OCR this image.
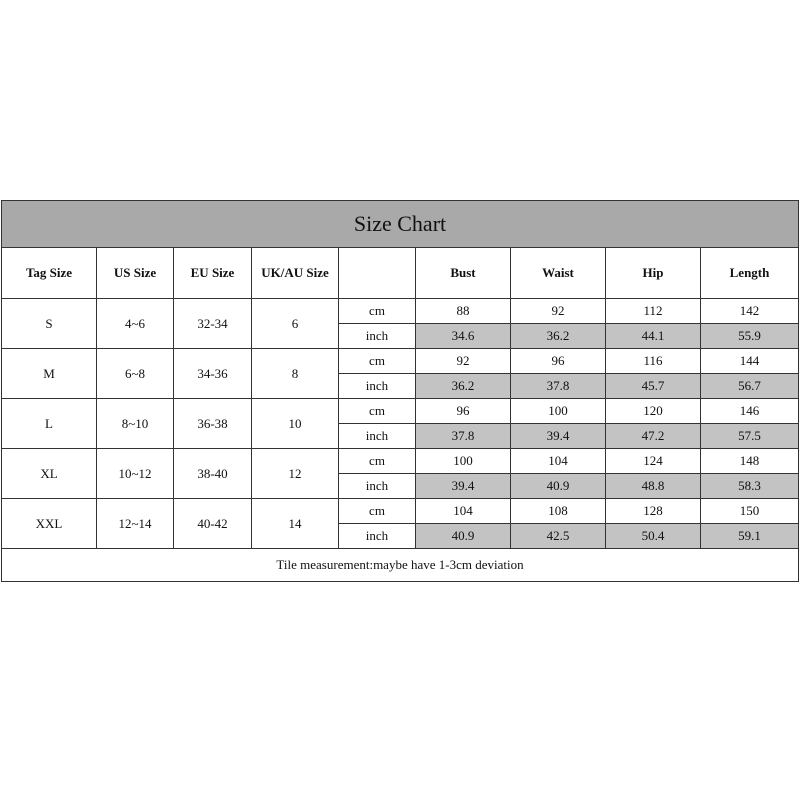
Size Chart								
Tag Size	US Size	EU Size	UK/AU Size		Bust	Waist	Hip	Length
S	4~6	32-34	6	cm	88	92	112	142
				inch	34.6	36.2	44.1	55.9
M	6~8	34-36	8	cm	92	96	116	144
				inch	36.2	37.8	45.7	56.7
L	8~10	36-38	10	cm	96	100	120	146
				inch	37.8	39.4	47.2	57.5
XL	10~12	38-40	12	cm	100	104	124	148
				inch	39.4	40.9	48.8	58.3
XXL	12~14	40-42	14	cm	104	108	128	150
				inch	40.9	42.5	50.4	59.1
Tile measurement:maybe have 1-3cm deviation								
